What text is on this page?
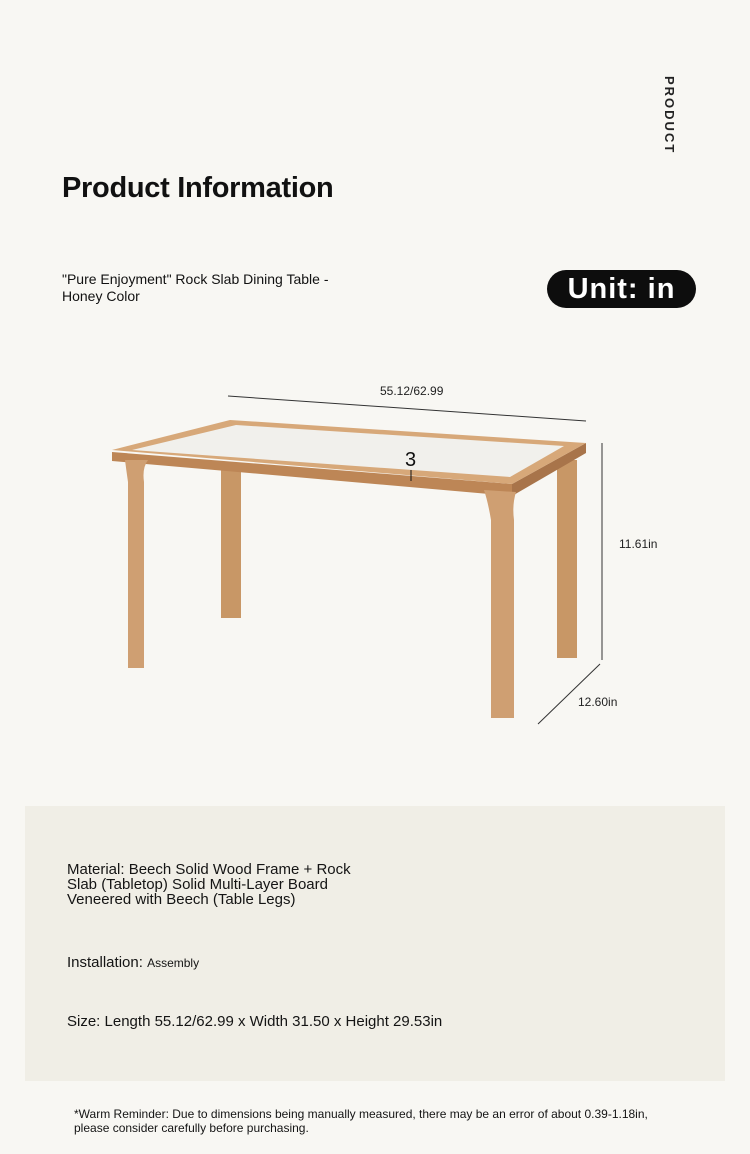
PRODUCT
Product Information
"Pure Enjoyment" Rock Slab Dining Table - Honey Color	Unit: in
55.12/62.99
3
11.61in
12.60in
Material: Beech Solid Wood Frame + Rock Slab (Tabletop) Solid Multi-Layer Board Veneered with Beech (Table Legs)
Installation: Assembly
Size: Length 55.12/62.99 x Width 31.50 x Height 29.53in
*Warm Reminder: Due to dimensions being manually measured, there may be an error of about 0.39-1.18in, please consider carefully before purchasing.
